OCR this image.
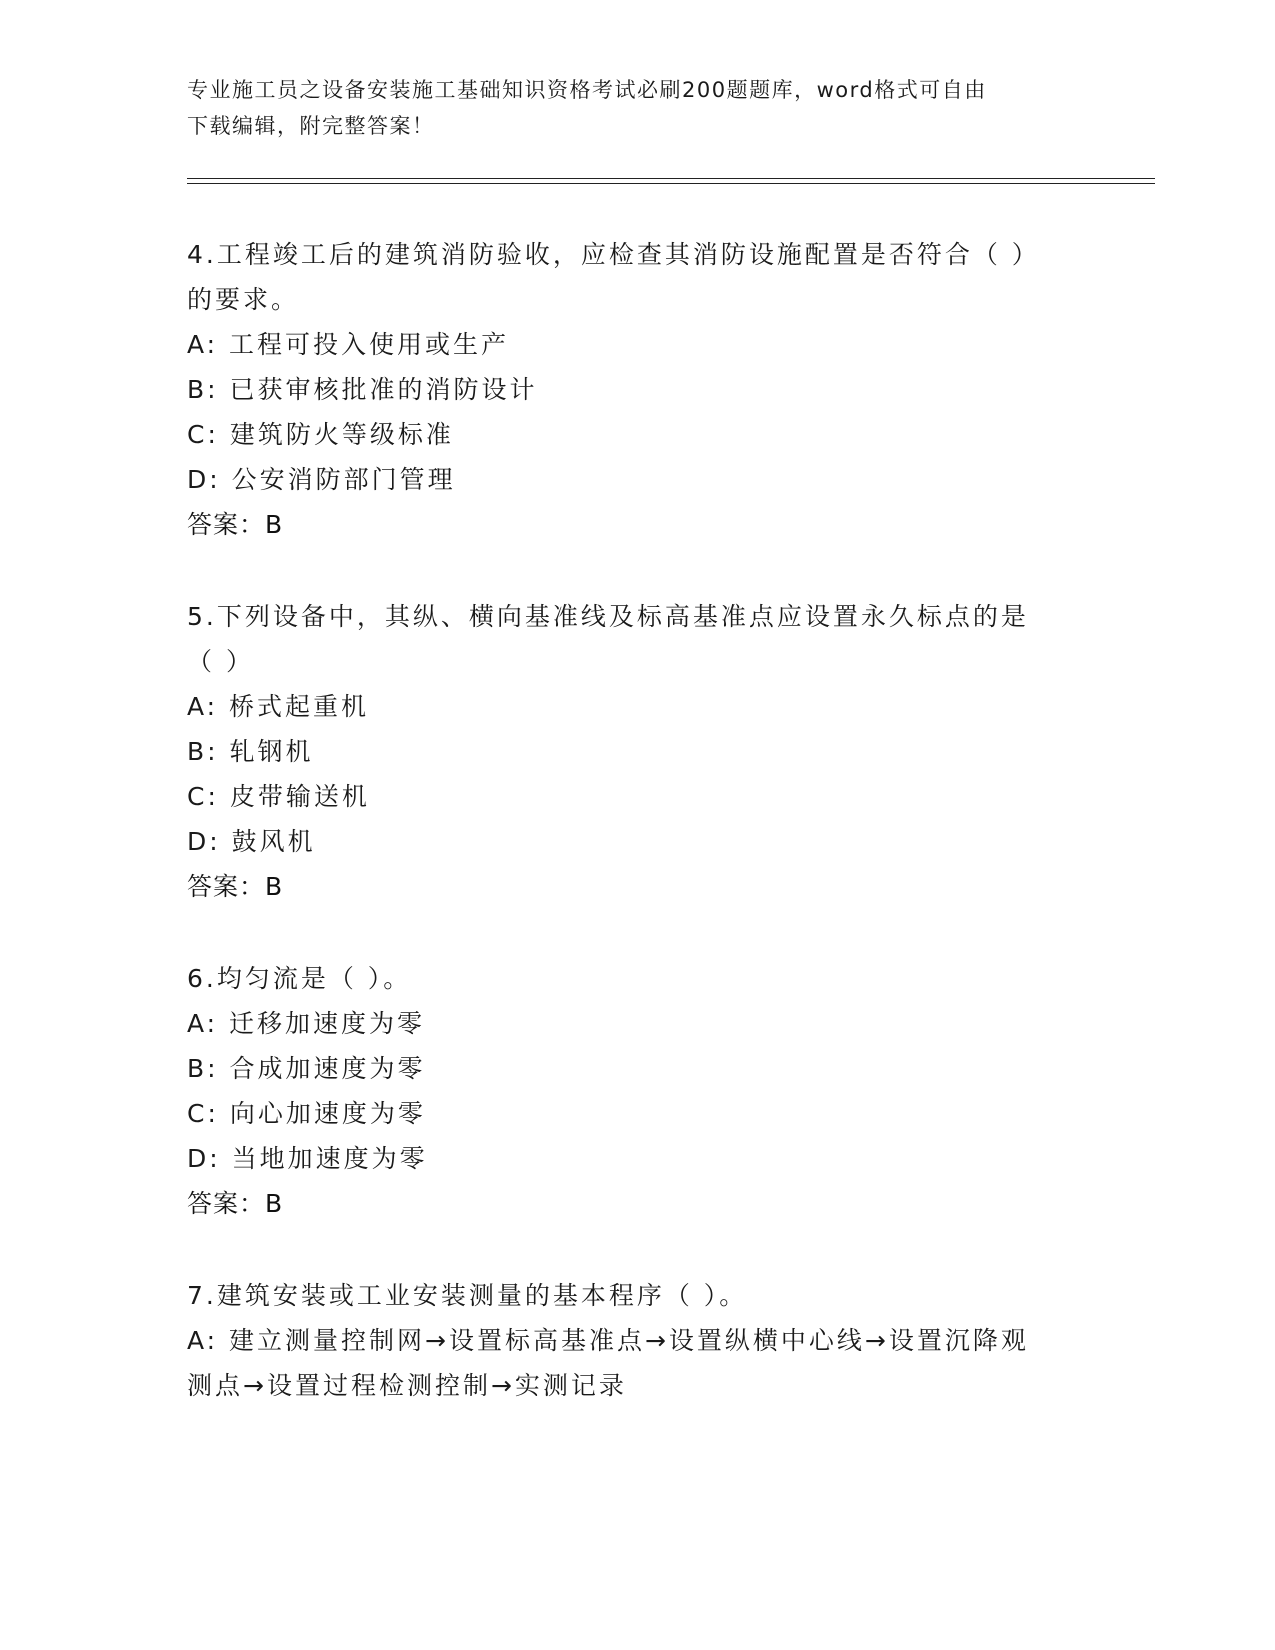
专业施工员之设备安装施工基础知识资格考试必刷200题题库，word格式可自由
下载编辑，附完整答案！
4.工程竣工后的建筑消防验收，应检查其消防设施配置是否符合（ ）
的要求。
A: 工程可投入使用或生产
B: 已获审核批准的消防设计
C: 建筑防火等级标准
D: 公安消防部门管理
答案：B
5.下列设备中，其纵、横向基准线及标高基准点应设置永久标点的是
（ ）
A: 桥式起重机
B: 轧钢机
C: 皮带输送机
D: 鼓风机
答案：B
6.均匀流是（ ）。
A: 迁移加速度为零
B: 合成加速度为零
C: 向心加速度为零
D: 当地加速度为零
答案：B
7.建筑安装或工业安装测量的基本程序（ ）。
A: 建立测量控制网→设置标高基准点→设置纵横中心线→设置沉降观
测点→设置过程检测控制→实测记录
